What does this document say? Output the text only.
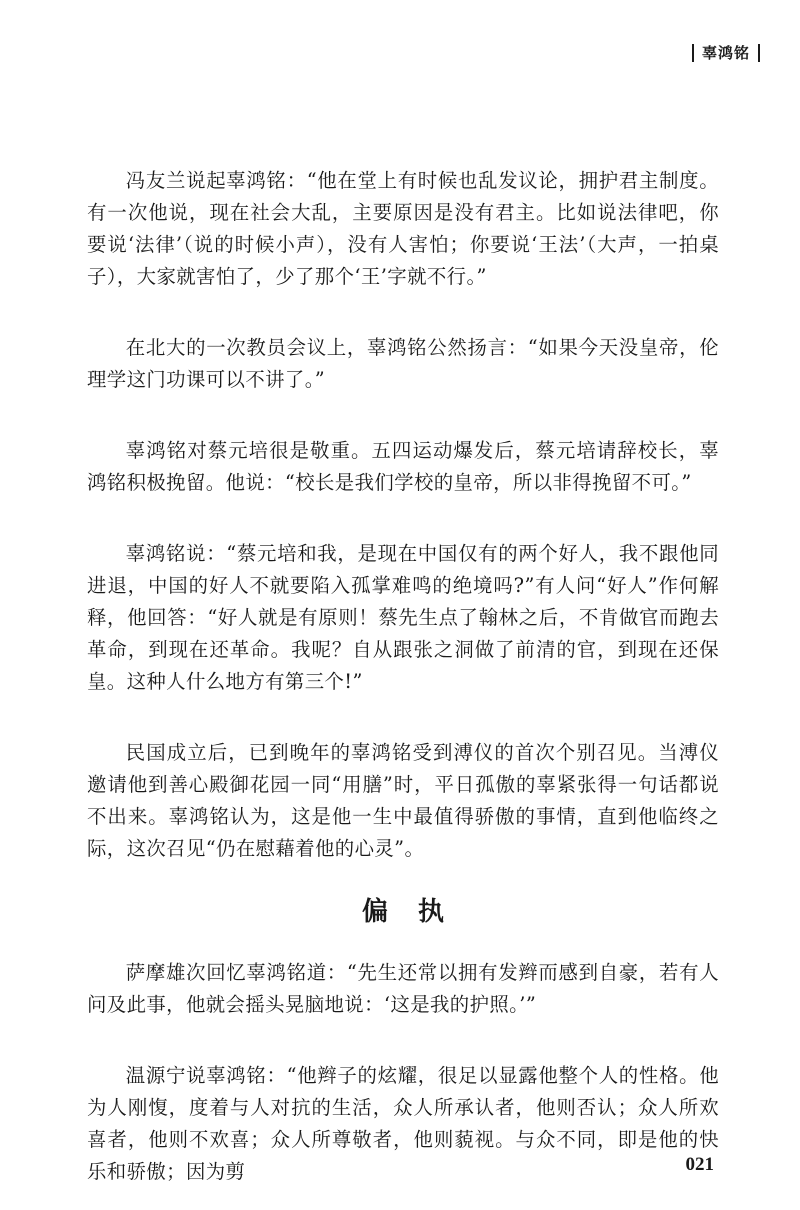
辜鸿铭

冯友兰说起辜鸿铭：“他在堂上有时候也乱发议论，拥护君主制度。有一次他说，现在社会大乱，主要原因是没有君主。比如说法律吧，你要说‘法律’（说的时候小声），没有人害怕；你要说‘王法’（大声，一拍桌子），大家就害怕了，少了那个‘王’字就不行。”

在北大的一次教员会议上，辜鸿铭公然扬言：“如果今天没皇帝，伦理学这门功课可以不讲了。”

辜鸿铭对蔡元培很是敬重。五四运动爆发后，蔡元培请辞校长，辜鸿铭积极挽留。他说：“校长是我们学校的皇帝，所以非得挽留不可。”

辜鸿铭说：“蔡元培和我，是现在中国仅有的两个好人，我不跟他同进退，中国的好人不就要陷入孤掌难鸣的绝境吗?”有人问“好人”作何解释，他回答：“好人就是有原则！蔡先生点了翰林之后，不肯做官而跑去革命，到现在还革命。我呢？自从跟张之洞做了前清的官，到现在还保皇。这种人什么地方有第三个!”

民国成立后，已到晚年的辜鸿铭受到溥仪的首次个别召见。当溥仪邀请他到善心殿御花园一同“用膳”时，平日孤傲的辜紧张得一句话都说不出来。辜鸿铭认为，这是他一生中最值得骄傲的事情，直到他临终之际，这次召见“仍在慰藉着他的心灵”。

偏执

萨摩雄次回忆辜鸿铭道：“先生还常以拥有发辫而感到自豪，若有人问及此事，他就会摇头晃脑地说：‘这是我的护照。’”

温源宁说辜鸿铭：“他辫子的炫耀，很足以显露他整个人的性格。他为人刚愎，度着与人对抗的生活，众人所承认者，他则否认；众人所欢喜者，他则不欢喜；众人所尊敬者，他则藐视。与众不同，即是他的快乐和骄傲；因为剪	021
